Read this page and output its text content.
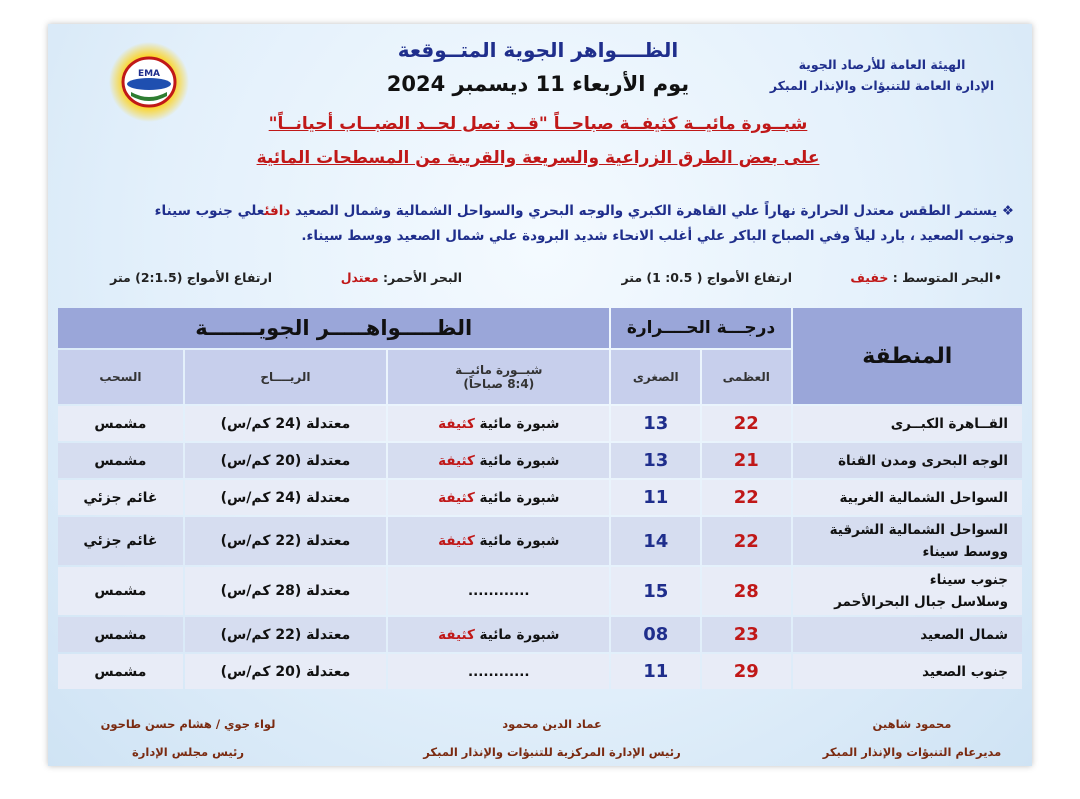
EMA
الهيئة العامة للأرصاد الجوية
الإدارة العامة للتنبؤات والإنذار المبكر
الظــــواهر الجوية المتــوقعة
يوم الأربعاء 11 ديسمبر 2024
شبــورة مائيــة كثيفــة صباحــاً "قــد تصل لحــد الضبــاب أحيانــاً"
على بعض الطرق الزراعية والسريعة والقريبة من المسطحات المائية
❖ يستمر الطقس معتدل الحرارة نهاراً علي القاهرة الكبري والوجه البحري والسواحل الشمالية وشمال الصعيد دافئعلي جنوب سيناء
وجنوب الصعيد ، بارد ليلاً وفي الصباح الباكر علي أغلب الانحاء شديد البرودة علي شمال الصعيد ووسط سيناء.
•
البحر المتوسط : خفيف
ارتفاع الأمواج ( 0.5: 1) متر
البحر الأحمر: معتدل
ارتفاع الأمواج (2:1.5) متر
المنطقة	درجـــة الحــــرارة		الظـــــواهـــــر الجويـــــــة		
	العظمى	الصغرى	شبــورة مائيــة
(8:4 صباحاً)	الريــــاح	السحب

القــاهرة الكبــرى	22	13	شبورة مائية كثيفة	معتدلة (24 كم/س)	مشمس

الوجه البحرى ومدن القناة	21	13	شبورة مائية كثيفة	معتدلة (20 كم/س)	مشمس

السواحل الشمالية الغربية	22	11	شبورة مائية كثيفة	معتدلة (24 كم/س)	غائم جزئي

السواحل الشمالية الشرقية
ووسط سيناء	22	14	شبورة مائية كثيفة	معتدلة (22 كم/س)	غائم جزئي

جنوب سيناء
وسلاسل جبال البحرالأحمر	28	15	............	معتدلة (28 كم/س)	مشمس

شمال الصعيد	23	08	شبورة مائية كثيفة	معتدلة (22 كم/س)	مشمس

جنوب الصعيد	29	11	............	معتدلة (20 كم/س)	مشمس
محمود شاهين
مديرعام التنبؤات والإنذار المبكر
عماد الدين محمود
رئيس الإدارة المركزية للتنبؤات والإنذار المبكر
لواء جوي / هشام حسن طاحون
رئيس مجلس الإدارة
